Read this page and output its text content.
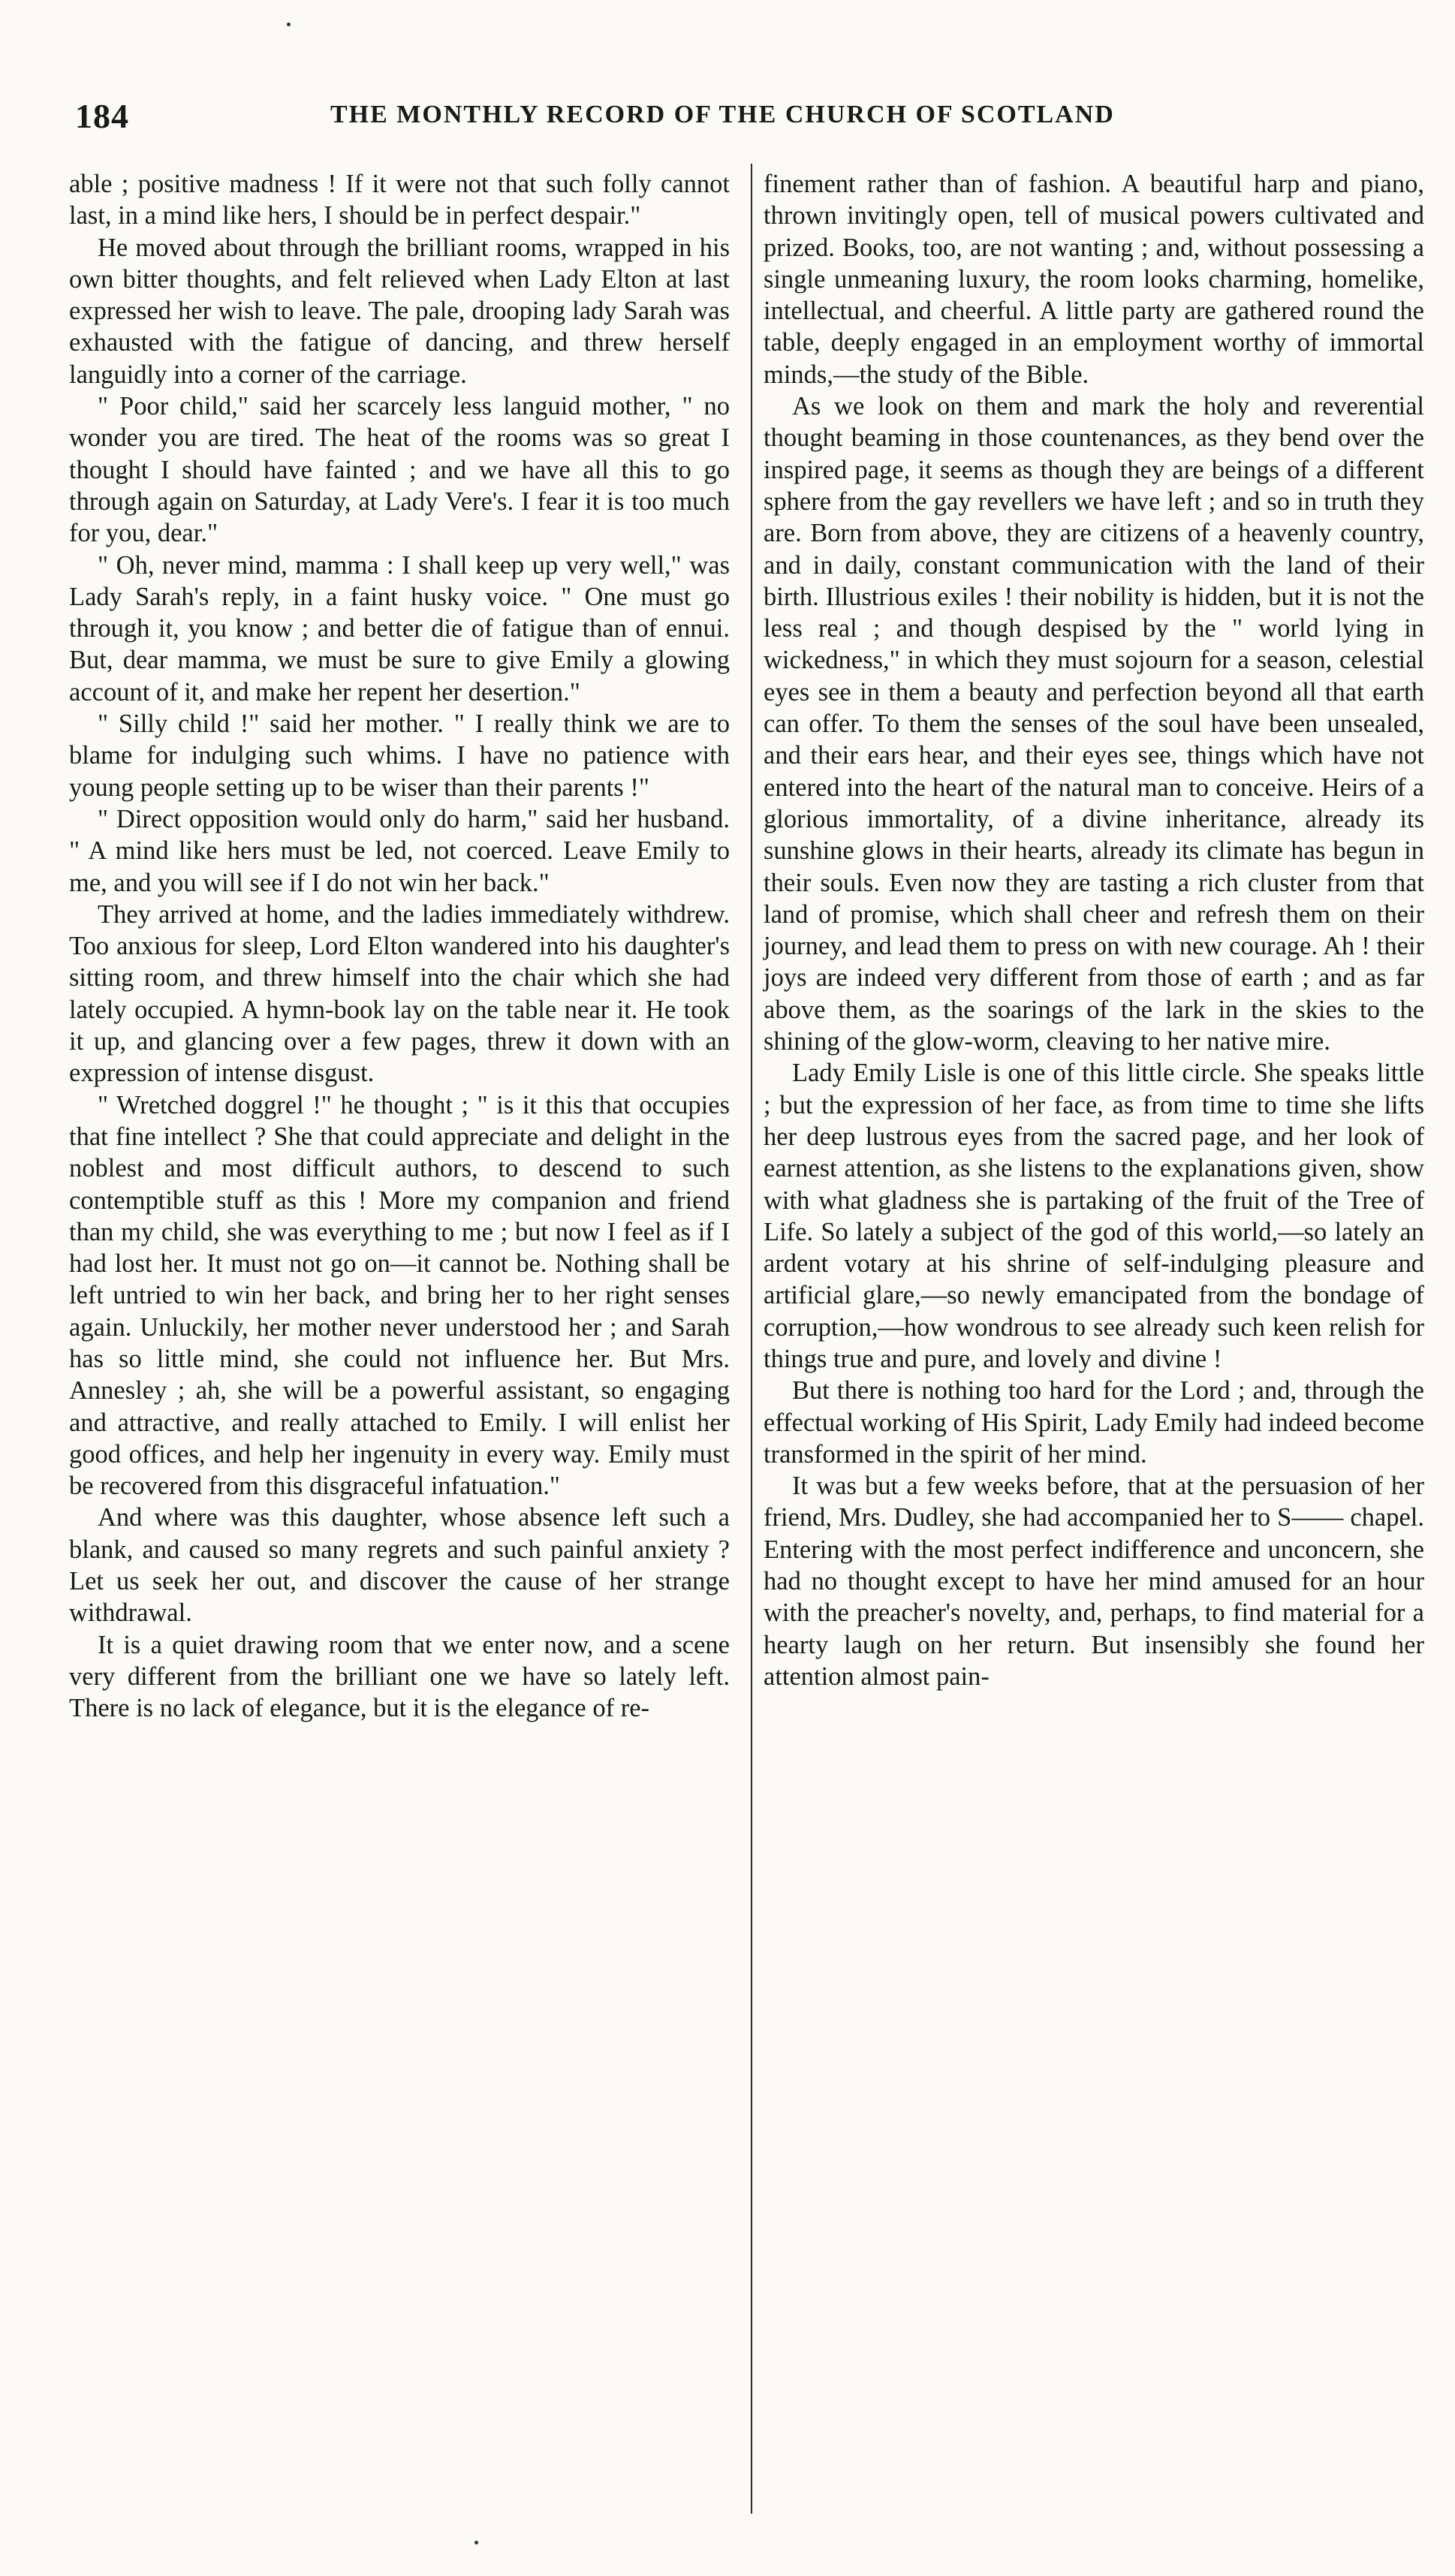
184	THE MONTHLY RECORD OF THE CHURCH OF SCOTLAND

able ; positive madness ! If it were not that such folly cannot last, in a mind like hers, I should be in perfect despair."

He moved about through the brilliant rooms, wrapped in his own bitter thoughts, and felt relieved when Lady Elton at last expressed her wish to leave. The pale, drooping lady Sarah was exhausted with the fatigue of dancing, and threw herself languidly into a corner of the carriage.

" Poor child," said her scarcely less languid mother, " no wonder you are tired. The heat of the rooms was so great I thought I should have fainted ; and we have all this to go through again on Saturday, at Lady Vere's. I fear it is too much for you, dear."

" Oh, never mind, mamma : I shall keep up very well," was Lady Sarah's reply, in a faint husky voice. " One must go through it, you know ; and better die of fatigue than of ennui. But, dear mamma, we must be sure to give Emily a glowing account of it, and make her repent her desertion."

" Silly child !" said her mother. " I really think we are to blame for indulging such whims. I have no patience with young people setting up to be wiser than their parents !"

" Direct opposition would only do harm," said her husband. " A mind like hers must be led, not coerced. Leave Emily to me, and you will see if I do not win her back."

They arrived at home, and the ladies immediately withdrew. Too anxious for sleep, Lord Elton wandered into his daughter's sitting room, and threw himself into the chair which she had lately occupied. A hymn-book lay on the table near it. He took it up, and glancing over a few pages, threw it down with an expression of intense disgust.

" Wretched doggrel !" he thought ; " is it this that occupies that fine intellect ? She that could appreciate and delight in the noblest and most difficult authors, to descend to such contemptible stuff as this ! More my companion and friend than my child, she was everything to me ; but now I feel as if I had lost her. It must not go on—it cannot be. Nothing shall be left untried to win her back, and bring her to her right senses again. Unluckily, her mother never understood her ; and Sarah has so little mind, she could not influence her. But Mrs. Annesley ; ah, she will be a powerful assistant, so engaging and attractive, and really attached to Emily. I will enlist her good offices, and help her ingenuity in every way. Emily must be recovered from this disgraceful infatuation."

And where was this daughter, whose absence left such a blank, and caused so many regrets and such painful anxiety ? Let us seek her out, and discover the cause of her strange withdrawal.

It is a quiet drawing room that we enter now, and a scene very different from the brilliant one we have so lately left. There is no lack of elegance, but it is the elegance of re-

finement rather than of fashion. A beautiful harp and piano, thrown invitingly open, tell of musical powers cultivated and prized. Books, too, are not wanting ; and, without possessing a single unmeaning luxury, the room looks charming, homelike, intellectual, and cheerful. A little party are gathered round the table, deeply engaged in an employment worthy of immortal minds,—the study of the Bible.

As we look on them and mark the holy and reverential thought beaming in those countenances, as they bend over the inspired page, it seems as though they are beings of a different sphere from the gay revellers we have left ; and so in truth they are. Born from above, they are citizens of a heavenly country, and in daily, constant communication with the land of their birth. Illustrious exiles ! their nobility is hidden, but it is not the less real ; and though despised by the " world lying in wickedness," in which they must sojourn for a season, celestial eyes see in them a beauty and perfection beyond all that earth can offer. To them the senses of the soul have been unsealed, and their ears hear, and their eyes see, things which have not entered into the heart of the natural man to conceive. Heirs of a glorious immortality, of a divine inheritance, already its sunshine glows in their hearts, already its climate has begun in their souls. Even now they are tasting a rich cluster from that land of promise, which shall cheer and refresh them on their journey, and lead them to press on with new courage. Ah ! their joys are indeed very different from those of earth ; and as far above them, as the soarings of the lark in the skies to the shining of the glow-worm, cleaving to her native mire.

Lady Emily Lisle is one of this little circle. She speaks little ; but the expression of her face, as from time to time she lifts her deep lustrous eyes from the sacred page, and her look of earnest attention, as she listens to the explanations given, show with what gladness she is partaking of the fruit of the Tree of Life. So lately a subject of the god of this world,—so lately an ardent votary at his shrine of self-indulging pleasure and artificial glare,—so newly emancipated from the bondage of corruption,—how wondrous to see already such keen relish for things true and pure, and lovely and divine !

But there is nothing too hard for the Lord ; and, through the effectual working of His Spirit, Lady Emily had indeed become transformed in the spirit of her mind.

It was but a few weeks before, that at the persuasion of her friend, Mrs. Dudley, she had accompanied her to S—— chapel. Entering with the most perfect indifference and unconcern, she had no thought except to have her mind amused for an hour with the preacher's novelty, and, perhaps, to find material for a hearty laugh on her return. But insensibly she found her attention almost pain-
